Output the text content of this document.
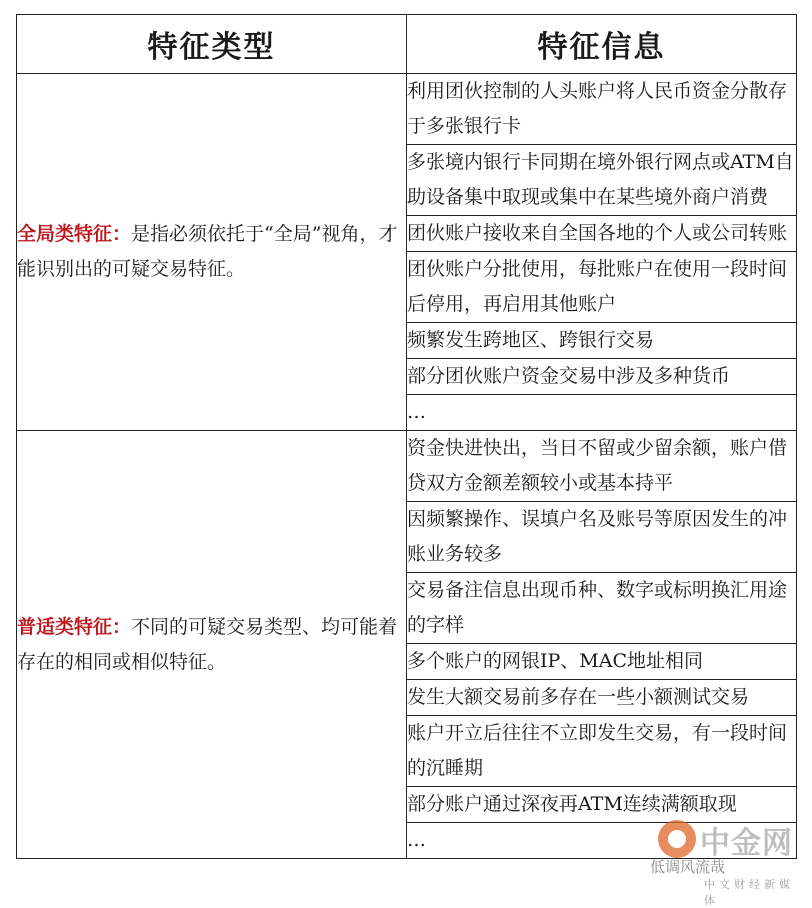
特征类型	特征信息
全局类特征：是指必须依托于“全局”视角，才能识别出的可疑交易特征。	利用团伙控制的人头账户将人民币资金分散存于多张银行卡
	多张境内银行卡同期在境外银行网点或ATM自助设备集中取现或集中在某些境外商户消费
	团伙账户接收来自全国各地的个人或公司转账
	团伙账户分批使用，每批账户在使用一段时间后停用，再启用其他账户
	频繁发生跨地区、跨银行交易
	部分团伙账户资金交易中涉及多种货币
	…
普适类特征：不同的可疑交易类型、均可能着存在的相同或相似特征。	资金快进快出，当日不留或少留余额，账户借贷双方金额差额较小或基本持平
	因频繁操作、误填户名及账号等原因发生的冲账业务较多
	交易备注信息出现币种、数字或标明换汇用途的字样
	多个账户的网银IP、MAC地址相同
	发生大额交易前多存在一些小额测试交易
	账户开立后往往不立即发生交易，有一段时间的沉睡期
	部分账户通过深夜再ATM连续满额取现
	…	中金网
低调风流哉
中文财经新媒体
